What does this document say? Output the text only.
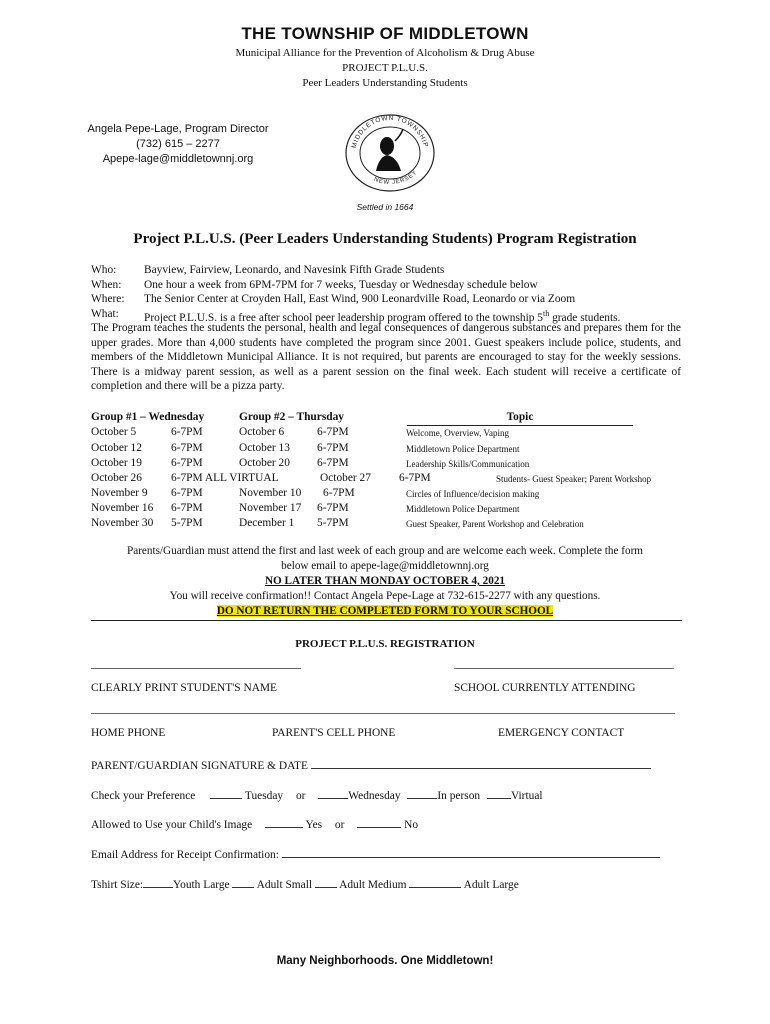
THE TOWNSHIP OF MIDDLETOWN
Municipal Alliance for the Prevention of Alcoholism & Drug Abuse
PROJECT P.L.U.S.
Peer Leaders Understanding Students
Angela Pepe-Lage, Program Director
(732) 615 – 2277
Apepe-lage@middletownnj.org
MIDDLETOWN TOWNSHIP
NEW JERSEY
Settled in 1664
Project P.L.U.S. (Peer Leaders Understanding Students) Program Registration
Who: Bayview, Fairview, Leonardo, and Navesink Fifth Grade Students
When: One hour a week from 6PM-7PM for 7 weeks, Tuesday or Wednesday schedule below
Where: The Senior Center at Croyden Hall, East Wind, 900 Leonardville Road, Leonardo or via Zoom
What: Project P.L.U.S. is a free after school peer leadership program offered to the township 5th grade students.
The Program teaches the students the personal, health and legal consequences of dangerous substances and prepares them for the upper grades. More than 4,000 students have completed the program since 2001. Guest speakers include police, students, and members of the Middletown Municipal Alliance. It is not required, but parents are encouraged to stay for the weekly sessions. There is a midway parent session, as well as a parent session on the final week. Each student will receive a certificate of completion and there will be a pizza party.
Group #1 – Wednesday	Group #2 – Thursday	Topic
October 5	6-7PM	October 6	6-7PM	Welcome, Overview, Vaping
October 12	6-7PM	October 13 6-7PM	Middletown Police Department
October 19	6-7PM	October 20 6-7PM	Leadership Skills/Communication
October 26	6-7PM ALL VIRTUAL	October 27 6-7PM	Students- Guest Speaker; Parent Workshop
November 9 6-7PM	November 10 6-7PM	Circles of Influence/decision making
November 16 6-7PM	November 17 6-7PM	Middletown Police Department
November 30 5-7PM	December 1 5-7PM	Guest Speaker, Parent Workshop and Celebration
Parents/Guardian must attend the first and last week of each group and are welcome each week. Complete the form
below email to apepe-lage@middletownnj.org
NO LATER THAN MONDAY OCTOBER 4, 2021
You will receive confirmation!! Contact Angela Pepe-Lage at 732-615-2277 with any questions.
DO NOT RETURN THE COMPLETED FORM TO YOUR SCHOOL
PROJECT P.L.U.S. REGISTRATION
CLEARLY PRINT STUDENT'S NAME	SCHOOL CURRENTLY ATTENDING
HOME PHONE	PARENT'S CELL PHONE	EMERGENCY CONTACT
PARENT/GUARDIAN SIGNATURE & DATE
Check your Preference	Tuesday or	Wednesday	In person	Virtual
Allowed to Use your Child's Image	Yes or	No
Email Address for Receipt Confirmation:
Tshirt Size:	Youth Large Adult Small Adult Medium	Adult Large
Many Neighborhoods. One Middletown!
